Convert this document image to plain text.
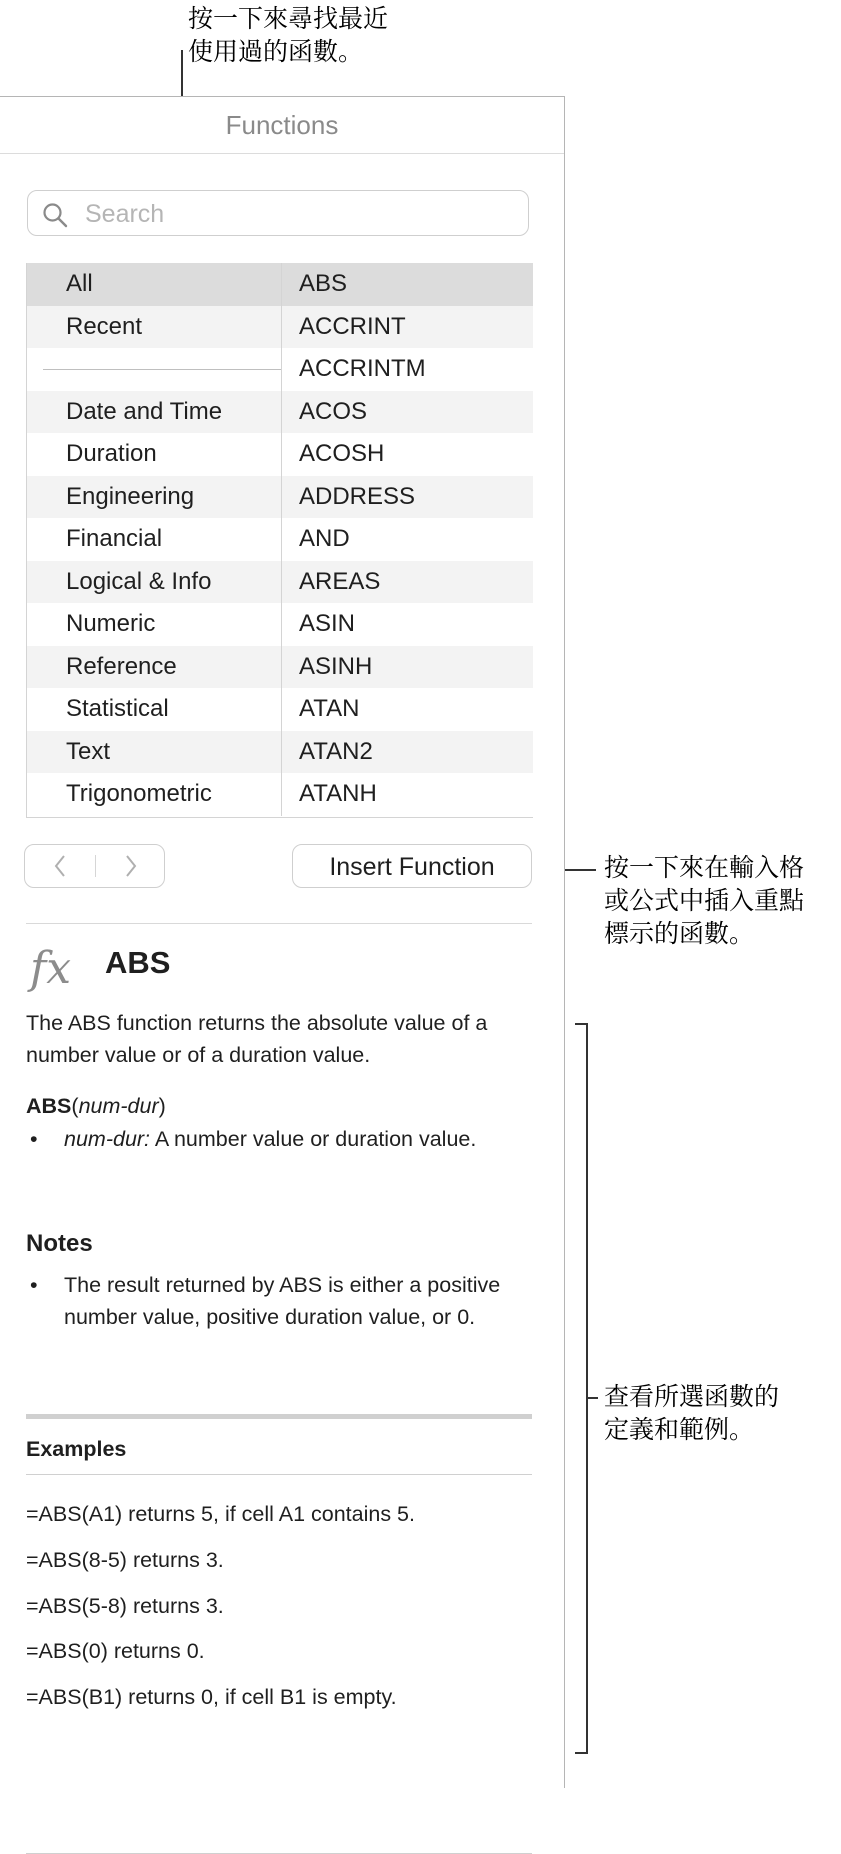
按一下來尋找最近
使用過的函數。
按一下來在輸入格
或公式中插入重點
標示的函數。
查看所選函數的
定義和範例。
Functions
Search
All
Recent
Date and Time
Duration
Engineering
Financial
Logical & Info
Numeric
Reference
Statistical
Text
Trigonometric
ABS
ACCRINT
ACCRINTM
ACOS
ACOSH
ADDRESS
AND
AREAS
ASIN
ASINH
ATAN
ATAN2
ATANH
Insert Function
fx ABS
The ABS function returns the absolute value of a number value or of a duration value.
ABS(num-dur)
• num-dur: A number value or duration value.
Notes
• The result returned by ABS is either a positive number value, positive duration value, or 0.
Examples
=ABS(A1) returns 5, if cell A1 contains 5.
=ABS(8-5) returns 3.
=ABS(5-8) returns 3.
=ABS(0) returns 0.
=ABS(B1) returns 0, if cell B1 is empty.
